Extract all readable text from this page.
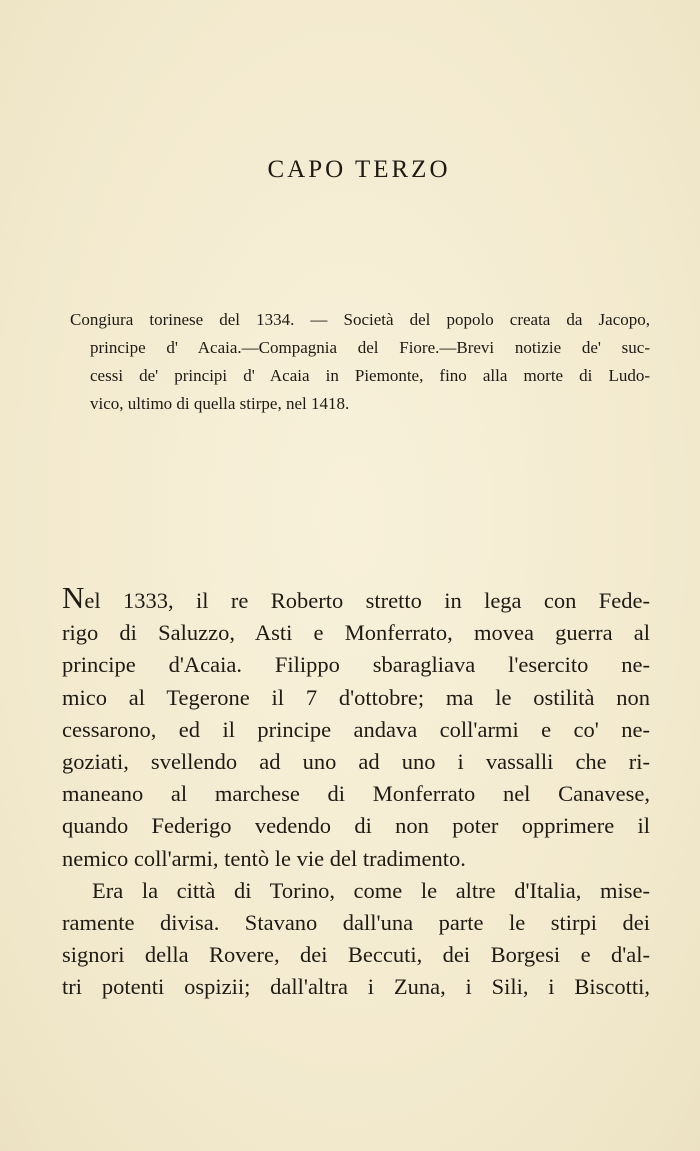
CAPO TERZO
Congiura torinese del 1334. — Società del popolo creata da Jacopo,
principe d' Acaia.—Compagnia del Fiore.—Brevi notizie de' suc-
cessi de' principi d' Acaia in Piemonte, fino alla morte di Ludo-
vico, ultimo di quella stirpe, nel 1418.
Nel 1333, il re Roberto stretto in lega con Fede-
rigo di Saluzzo, Asti e Monferrato, movea guerra al
principe d'Acaia. Filippo sbaragliava l'esercito ne-
mico al Tegerone il 7 d'ottobre; ma le ostilità non
cessarono, ed il principe andava coll'armi e co' ne-
goziati, svellendo ad uno ad uno i vassalli che ri-
maneano al marchese di Monferrato nel Canavese,
quando Federigo vedendo di non poter opprimere il
nemico coll'armi, tentò le vie del tradimento.
Era la città di Torino, come le altre d'Italia, mise-
ramente divisa. Stavano dall'una parte le stirpi dei
signori della Rovere, dei Beccuti, dei Borgesi e d'al-
tri potenti ospizii; dall'altra i Zuna, i Sili, i Biscotti,
